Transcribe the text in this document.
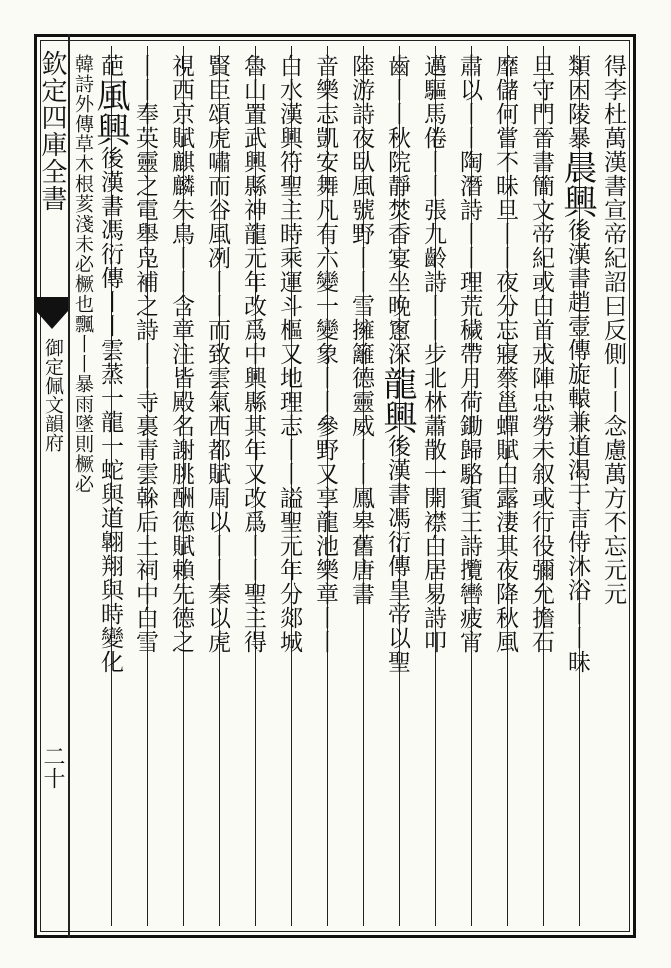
欽定四庫全書
御定佩文韻府
二十
得李杜萬漢書宣帝紀詔曰反側丨丨念慮萬方不忘元元
類困陵暴晨興後漢書趙壹傳旋轅兼道渴于言侍沐浴丨丨昧
旦守門晉書簡文帝紀或白首戎陣忠勞未叙或行役彌允擔石
靡儲何嘗不昧旦丨丨夜分忘寢蔡邕蟬賦白露淒其夜降秋風
肅以丨丨陶潛詩丨丨理荒穢帶月荷鋤歸駱賓王詩攬轡疲宵
邁驅馬倦丨丨張九齡詩丨丨步北林蕭散一開襟白居易詩叩
齒丨丨秋院靜焚香宴坐晚窻深龍興後漢書馮衍傳皇帝以聖
陸游詩夜臥風號野丨丨雪擁籬德靈威丨丨鳳皋舊唐書
音樂志凱安舞凡有六變一變象丨丨參野又享龍池樂章丨丨
白水漢興符聖主時乘運斗樞又地理志丨丨謚聖元年分郯城
魯山置武興縣神龍元年改爲中興縣其年又改爲丨丨聖主得
賢臣頌虎嘯而谷風冽丨丨而致雲氣西都賦周以丨丨秦以虎
視西京賦麒麟朱鳥丨丨含章注皆殿名謝朓酬德賦賴先德之
丨丨奉英靈之電舉凫補之詩丨丨寺裏青雲榦后土祠中白雪
葩風興後漢書馮衍傳丨丨雲蒸一龍一蛇與道翺翔與時變化
韓詩外傳草木根荄淺未必橛也飄丨丨暴雨墜則橛必
